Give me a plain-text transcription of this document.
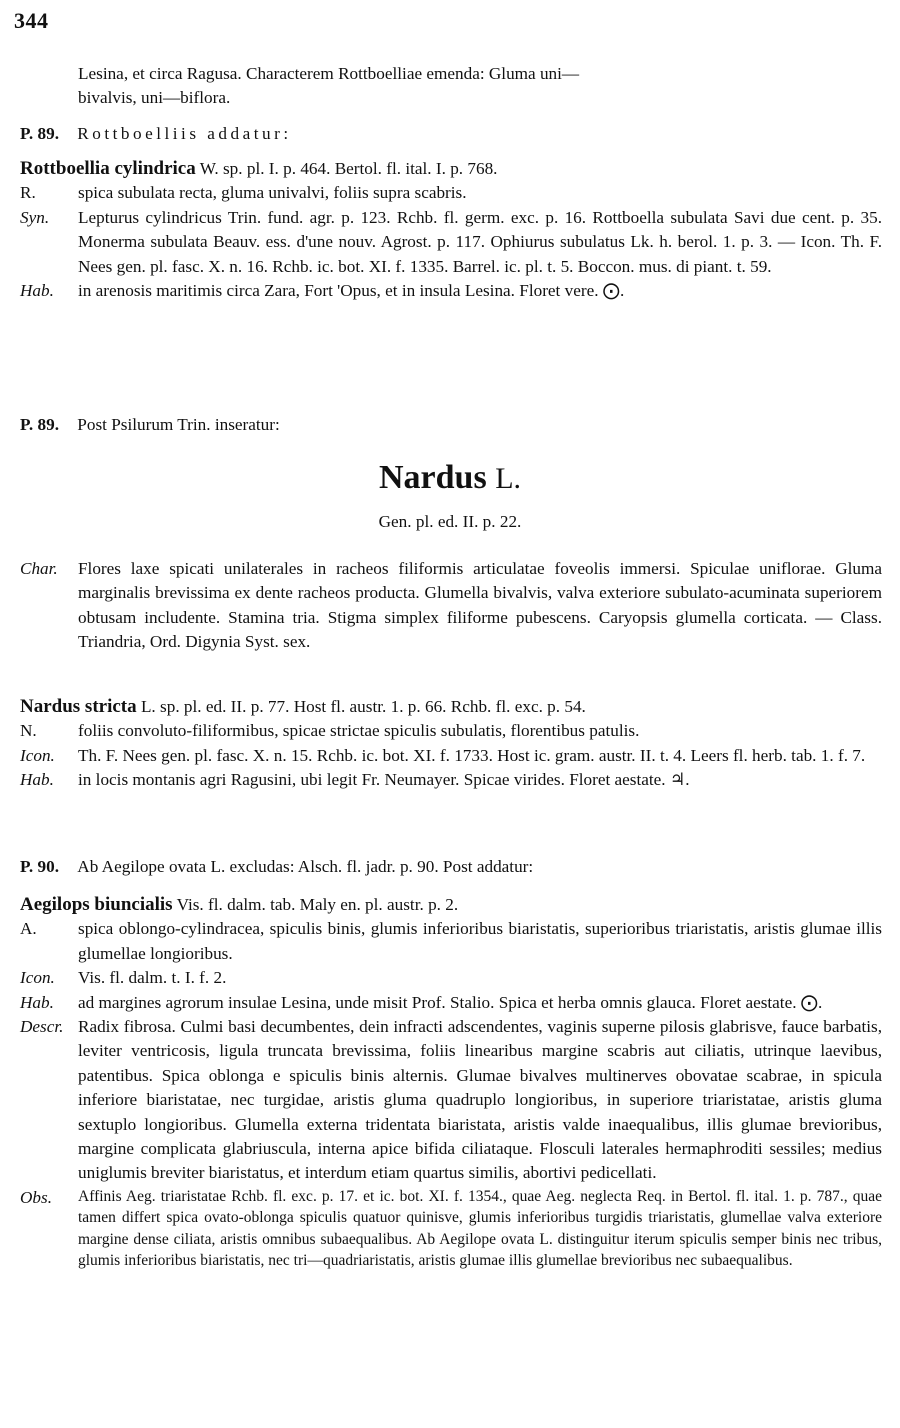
344
Lesina, et circa Ragusa. Characterem Rottboelliae emenda: Gluma uni—
bivalvis, uni—biflora.
P. 89. Rottboelliis addatur:
Rottboellia cylindrica W. sp. pl. I. p. 464. Bertol. fl. ital. I. p. 768.
R. spica subulata recta, gluma univalvi, foliis supra scabris.
Syn. Lepturus cylindricus Trin. fund. agr. p. 123. Rchb. fl. germ. exc. p. 16. Rottboella subulata Savi due cent. p. 35. Monerma subulata Beauv. ess. d'une nouv. Agrost. p. 117. Ophiurus subulatus Lk. h. berol. 1. p. 3. — Icon. Th. F. Nees gen. pl. fasc. X. n. 16. Rchb. ic. bot. XI. f. 1335. Barrel. ic. pl. t. 5. Boccon. mus. di piant. t. 59.
Hab. in arenosis maritimis circa Zara, Fort 'Opus, et in insula Lesina. Floret vere. ⨀.
P. 89. Post Psilurum Trin. inseratur:
Nardus L.
Gen. pl. ed. II. p. 22.
Char. Flores laxe spicati unilaterales in racheos filiformis articulatae foveolis immersi. Spiculae uniflorae. Gluma marginalis brevissima ex dente racheos producta. Glumella bivalvis, valva exteriore subulato-acuminata superiorem obtusam includente. Stamina tria. Stigma simplex filiforme pubescens. Caryopsis glumella corticata. — Class. Triandria, Ord. Digynia Syst. sex.
Nardus stricta L. sp. pl. ed. II. p. 77. Host fl. austr. 1. p. 66. Rchb. fl. exc. p. 54.
N. foliis convoluto-filiformibus, spicae strictae spiculis subulatis, florentibus patulis.
Icon. Th. F. Nees gen. pl. fasc. X. n. 15. Rchb. ic. bot. XI. f. 1733. Host ic. gram. austr. II. t. 4. Leers fl. herb. tab. 1. f. 7.
Hab. in locis montanis agri Ragusini, ubi legit Fr. Neumayer. Spicae virides. Floret aestate. ♃.
P. 90. Ab Aegilope ovata L. excludas: Alsch. fl. jadr. p. 90. Post addatur:
Aegilops biuncialis Vis. fl. dalm. tab. Maly en. pl. austr. p. 2.
A. spica oblongo-cylindracea, spiculis binis, glumis inferioribus biaristatis, superioribus triaristatis, aristis glumae illis glumellae longioribus.
Icon. Vis. fl. dalm. t. I. f. 2.
Hab. ad margines agrorum insulae Lesina, unde misit Prof. Stalio. Spica et herba omnis glauca. Floret aestate. ⨀.
Descr. Radix fibrosa. Culmi basi decumbentes, dein infracti adscendentes, vaginis superne pilosis glabrisve, fauce barbatis, leviter ventricosis, ligula truncata brevissima, foliis linearibus margine scabris aut ciliatis, utrinque laevibus, patentibus. Spica oblonga e spiculis binis alternis. Glumae bivalves multinerves obovatae scabrae, in spicula inferiore biaristatae, nec turgidae, aristis gluma quadruplo longioribus, in superiore triaristatae, aristis gluma sextuplo longioribus. Glumella externa tridentata biaristata, aristis valde inaequalibus, illis glumae brevioribus, margine complicata glabriuscula, interna apice bifida ciliataque. Flosculi laterales hermaphroditi sessiles; medius uniglumis breviter biaristatus, et interdum etiam quartus similis, abortivi pedicellati.
Obs. Affinis Aeg. triaristatae Rchb. fl. exc. p. 17. et ic. bot. XI. f. 1354., quae Aeg. neglecta Req. in Bertol. fl. ital. 1. p. 787., quae tamen differt spica ovato-oblonga spiculis quatuor quinisve, glumis inferioribus turgidis triaristatis, glumellae valva exteriore margine dense ciliata, aristis omnibus subaequalibus. Ab Aegilope ovata L. distinguitur iterum spiculis semper binis nec tribus, glumis inferioribus biaristatis, nec tri—quadriaristatis, aristis glumae illis glumellae brevioribus nec subaequalibus.
